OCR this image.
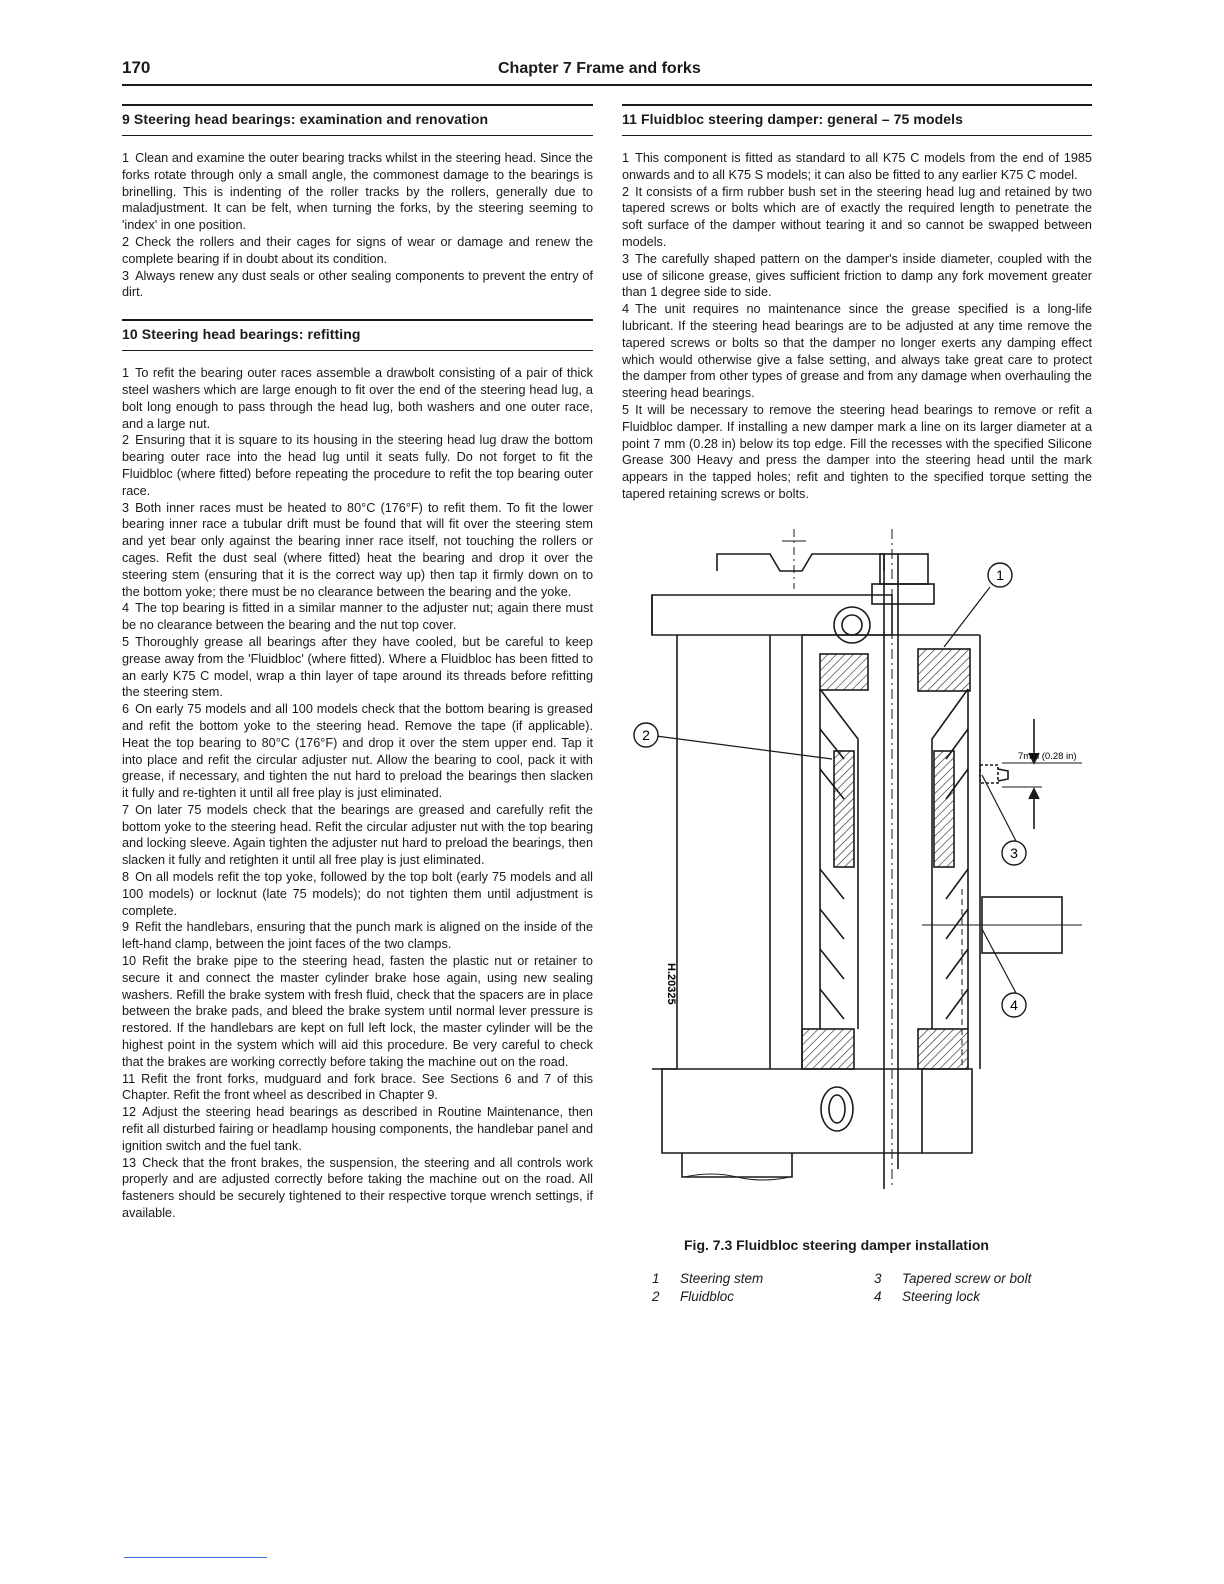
170	Chapter 7 Frame and forks
9 Steering head bearings: examination and renovation

1 Clean and examine the outer bearing tracks whilst in the steering head. Since the forks rotate through only a small angle, the commonest damage to the bearings is brinelling. This is indenting of the roller tracks by the rollers, generally due to maladjustment. It can be felt, when turning the forks, by the steering seeming to 'index' in one position.

2 Check the rollers and their cages for signs of wear or damage and renew the complete bearing if in doubt about its condition.

3 Always renew any dust seals or other sealing components to prevent the entry of dirt.

10 Steering head bearings: refitting

1 To refit the bearing outer races assemble a drawbolt consisting of a pair of thick steel washers which are large enough to fit over the end of the steering head lug, a bolt long enough to pass through the head lug, both washers and one outer race, and a large nut.

2 Ensuring that it is square to its housing in the steering head lug draw the bottom bearing outer race into the head lug until it seats fully. Do not forget to fit the Fluidbloc (where fitted) before repeating the procedure to refit the top bearing outer race.

3 Both inner races must be heated to 80°C (176°F) to refit them. To fit the lower bearing inner race a tubular drift must be found that will fit over the steering stem and yet bear only against the bearing inner race itself, not touching the rollers or cages. Refit the dust seal (where fitted) heat the bearing and drop it over the steering stem (ensuring that it is the correct way up) then tap it firmly down on to the bottom yoke; there must be no clearance between the bearing and the yoke.

4 The top bearing is fitted in a similar manner to the adjuster nut; again there must be no clearance between the bearing and the nut top cover.

5 Thoroughly grease all bearings after they have cooled, but be careful to keep grease away from the 'Fluidbloc' (where fitted). Where a Fluidbloc has been fitted to an early K75 C model, wrap a thin layer of tape around its threads before refitting the steering stem.

6 On early 75 models and all 100 models check that the bottom bearing is greased and refit the bottom yoke to the steering head. Remove the tape (if applicable). Heat the top bearing to 80°C (176°F) and drop it over the stem upper end. Tap it into place and refit the circular adjuster nut. Allow the bearing to cool, pack it with grease, if necessary, and tighten the nut hard to preload the bearings then slacken it fully and re-tighten it until all free play is just eliminated.

7 On later 75 models check that the bearings are greased and carefully refit the bottom yoke to the steering head. Refit the circular adjuster nut with the top bearing and locking sleeve. Again tighten the adjuster nut hard to preload the bearings, then slacken it fully and retighten it until all free play is just eliminated.

8 On all models refit the top yoke, followed by the top bolt (early 75 models and all 100 models) or locknut (late 75 models); do not tighten them until adjustment is complete.

9 Refit the handlebars, ensuring that the punch mark is aligned on the inside of the left-hand clamp, between the joint faces of the two clamps.

10 Refit the brake pipe to the steering head, fasten the plastic nut or retainer to secure it and connect the master cylinder brake hose again, using new sealing washers. Refill the brake system with fresh fluid, check that the spacers are in place between the brake pads, and bleed the brake system until normal lever pressure is restored. If the handlebars are kept on full left lock, the master cylinder will be the highest point in the system which will aid this procedure. Be very careful to check that the brakes are working correctly before taking the machine out on the road.

11 Refit the front forks, mudguard and fork brace. See Sections 6 and 7 of this Chapter. Refit the front wheel as described in Chapter 9.

12 Adjust the steering head bearings as described in Routine Maintenance, then refit all disturbed fairing or headlamp housing components, the handlebar panel and ignition switch and the fuel tank.

13 Check that the front brakes, the suspension, the steering and all controls work properly and are adjusted correctly before taking the machine out on the road. All fasteners should be securely tightened to their respective torque wrench settings, if available.

11 Fluidbloc steering damper: general – 75 models

1 This component is fitted as standard to all K75 C models from the end of 1985 onwards and to all K75 S models; it can also be fitted to any earlier K75 C model.

2 It consists of a firm rubber bush set in the steering head lug and retained by two tapered screws or bolts which are of exactly the required length to penetrate the soft surface of the damper without tearing it and so cannot be swapped between models.

3 The carefully shaped pattern on the damper's inside diameter, coupled with the use of silicone grease, gives sufficient friction to damp any fork movement greater than 1 degree side to side.

4 The unit requires no maintenance since the grease specified is a long-life lubricant. If the steering head bearings are to be adjusted at any time remove the tapered screws or bolts so that the damper no longer exerts any damping effect which would otherwise give a false setting, and always take great care to protect the damper from other types of grease and from any damage when overhauling the steering head bearings.

5 It will be necessary to remove the steering head bearings to remove or refit a Fluidbloc damper. If installing a new damper mark a line on its larger diameter at a point 7 mm (0.28 in) below its top edge. Fill the recesses with the specified Silicone Grease 300 Heavy and press the damper into the steering head until the mark appears in the tapped holes; refit and tighten to the specified torque setting the tapered retaining screws or bolts.

1
2
3
4
7mm (0.28 in)
H.20325
Fig. 7.3 Fluidbloc steering damper installation
1 Steering stem
2 Fluidbloc
3 Tapered screw or bolt
4 Steering lock
